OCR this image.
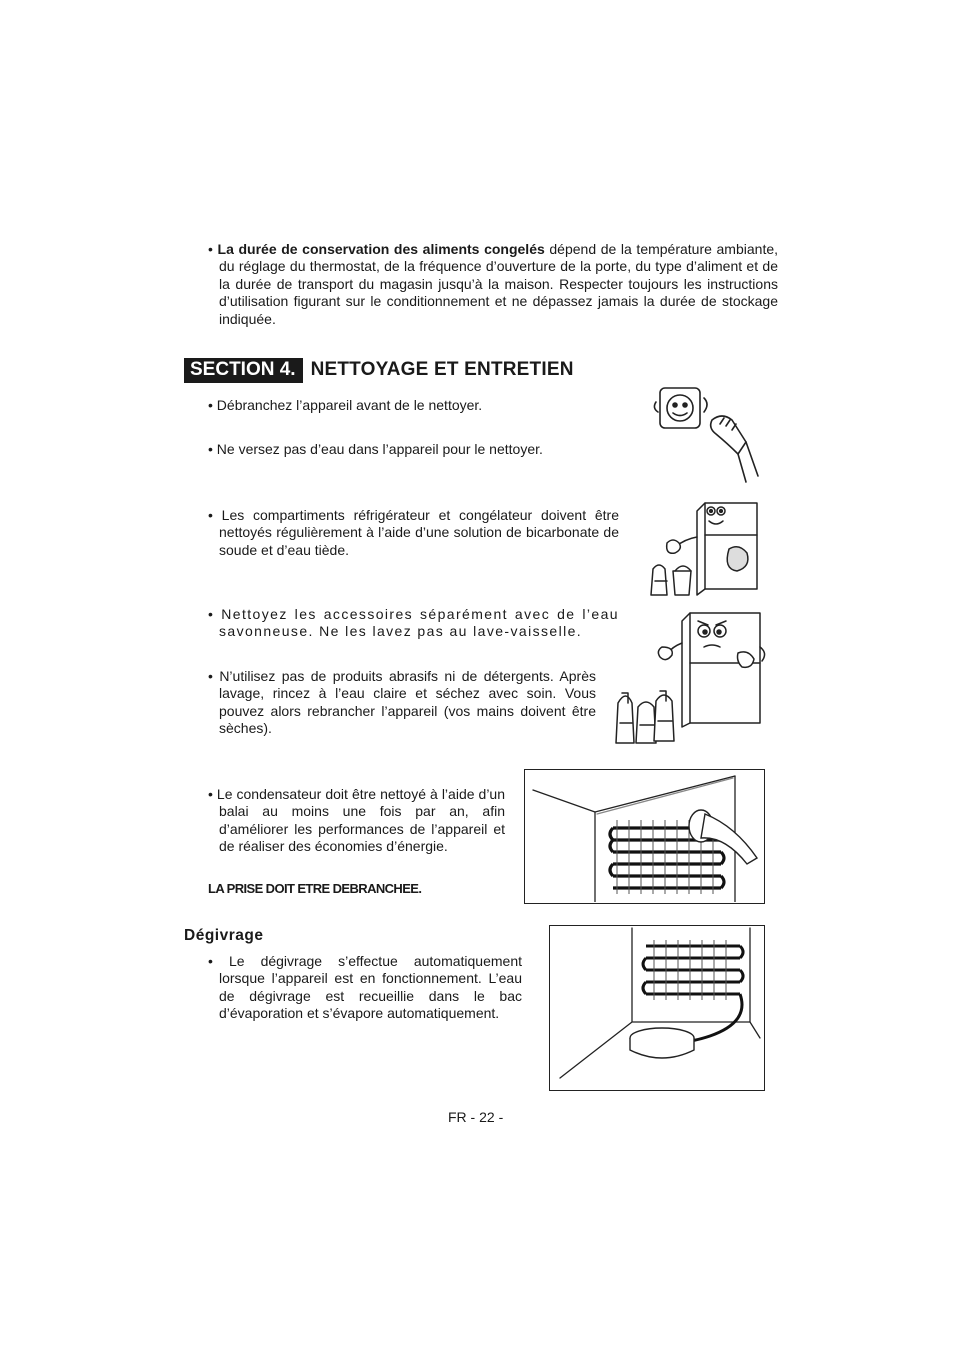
• La durée de conservation des aliments congelés dépend de la température ambiante, du réglage du thermostat, de la fréquence d’ouverture de la porte, du type d’aliment et de la durée de transport du magasin jusqu’à la maison. Respecter toujours les instructions d’utilisation figurant sur le conditionnement et ne dépassez jamais la durée de stockage indiquée.
SECTION 4. NETTOYAGE ET ENTRETIEN
• Débranchez l’appareil avant de le nettoyer.
• Ne versez pas d’eau dans l’appareil pour le nettoyer.
• Les compartiments réfrigérateur et congélateur doivent être nettoyés régulièrement à l’aide d’une solution de bicarbonate de soude et d’eau tiède.
• Nettoyez les accessoires séparément avec de l’eau savonneuse. Ne les lavez pas au lave-vaisselle.
• N’utilisez pas de produits abrasifs ni de détergents. Après lavage, rincez à l’eau claire et séchez avec soin. Vous pouvez alors rebrancher l’appareil (vos mains doivent être sèches).
• Le condensateur doit être nettoyé à l’aide d’un balai au moins une fois par an, afin d’améliorer les performances de l’appareil et de réaliser des économies d’énergie.
LA PRISE DOIT ETRE DEBRANCHEE.
Dégivrage
• Le dégivrage s’effectue automatiquement lorsque l’appareil est en fonctionnement. L’eau de dégivrage est recueillie dans le bac d’évaporation et s’évapore automatiquement.
FR - 22 -
